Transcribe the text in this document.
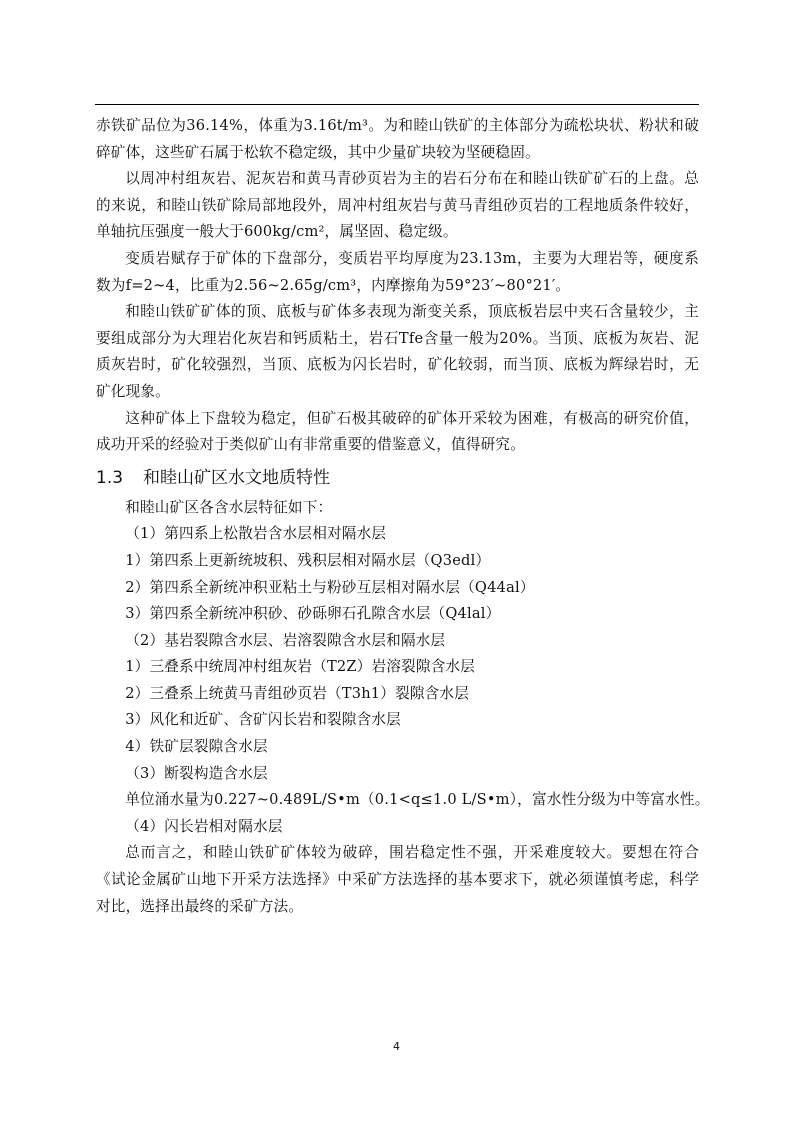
赤铁矿品位为36.14%，体重为3.16t/m³。为和睦山铁矿的主体部分为疏松块状、粉状和破碎矿体，这些矿石属于松软不稳定级，其中少量矿块较为坚硬稳固。

以周冲村组灰岩、泥灰岩和黄马青砂页岩为主的岩石分布在和睦山铁矿矿石的上盘。总的来说，和睦山铁矿除局部地段外，周冲村组灰岩与黄马青组砂页岩的工程地质条件较好，单轴抗压强度一般大于600kg/cm²，属坚固、稳定级。

变质岩赋存于矿体的下盘部分，变质岩平均厚度为23.13m，主要为大理岩等，硬度系数为f=2~4，比重为2.56~2.65g/cm³，内摩擦角为59°23′~80°21′。

和睦山铁矿矿体的顶、底板与矿体多表现为渐变关系，顶底板岩层中夹石含量较少，主要组成部分为大理岩化灰岩和钙质粘土，岩石Tfe含量一般为20%。当顶、底板为灰岩、泥质灰岩时，矿化较强烈，当顶、底板为闪长岩时，矿化较弱，而当顶、底板为辉绿岩时，无矿化现象。

这种矿体上下盘较为稳定，但矿石极其破碎的矿体开采较为困难，有极高的研究价值，成功开采的经验对于类似矿山有非常重要的借鉴意义，值得研究。

1.3 和睦山矿区水文地质特性

和睦山矿区各含水层特征如下：

（1）第四系上松散岩含水层相对隔水层

1）第四系上更新统坡积、残积层相对隔水层（Q3edl）

2）第四系全新统冲积亚粘土与粉砂互层相对隔水层（Q44al）

3）第四系全新统冲积砂、砂砾卵石孔隙含水层（Q4lal）

（2）基岩裂隙含水层、岩溶裂隙含水层和隔水层

1）三叠系中统周冲村组灰岩（T2Z）岩溶裂隙含水层

2）三叠系上统黄马青组砂页岩（T3h1）裂隙含水层

3）风化和近矿、含矿闪长岩和裂隙含水层

4）铁矿层裂隙含水层

（3）断裂构造含水层

单位涌水量为0.227~0.489L/S•m（0.1<q≤1.0 L/S•m），富水性分级为中等富水性。

（4）闪长岩相对隔水层

总而言之，和睦山铁矿矿体较为破碎，围岩稳定性不强，开采难度较大。要想在符合《试论金属矿山地下开采方法选择》中采矿方法选择的基本要求下，就必须谨慎考虑，科学对比，选择出最终的采矿方法。

4
